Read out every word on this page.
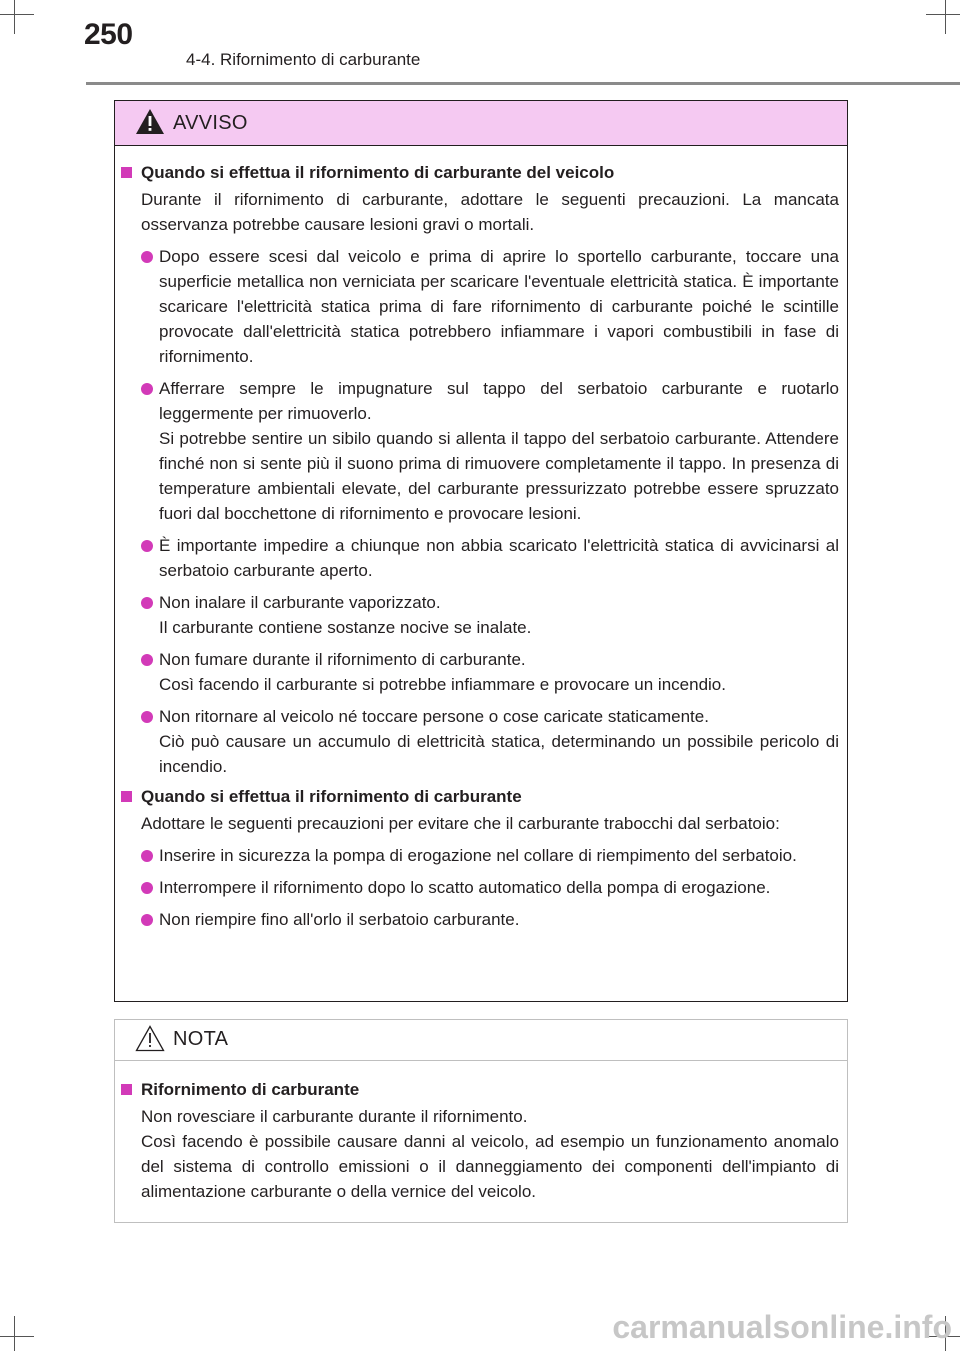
250
4-4. Rifornimento di carburante
AVVISO
Quando si effettua il rifornimento di carburante del veicolo
Durante il rifornimento di carburante, adottare le seguenti precauzioni. La mancata osservanza potrebbe causare lesioni gravi o mortali.
Dopo essere scesi dal veicolo e prima di aprire lo sportello carburante, toccare una superficie metallica non verniciata per scaricare l'eventuale elettricità statica. È importante scaricare l'elettricità statica prima di fare rifornimento di carburante poiché le scintille provocate dall'elettricità statica potrebbero infiammare i vapori combustibili in fase di rifornimento.
Afferrare sempre le impugnature sul tappo del serbatoio carburante e ruotarlo leggermente per rimuoverlo.
Si potrebbe sentire un sibilo quando si allenta il tappo del serbatoio carburante. Attendere finché non si sente più il suono prima di rimuovere completamente il tappo. In presenza di temperature ambientali elevate, del carburante pressurizzato potrebbe essere spruzzato fuori dal bocchettone di rifornimento e provocare lesioni.
È importante impedire a chiunque non abbia scaricato l'elettricità statica di avvicinarsi al serbatoio carburante aperto.
Non inalare il carburante vaporizzato.
Il carburante contiene sostanze nocive se inalate.
Non fumare durante il rifornimento di carburante.
Così facendo il carburante si potrebbe infiammare e provocare un incendio.
Non ritornare al veicolo né toccare persone o cose caricate staticamente.
Ciò può causare un accumulo di elettricità statica, determinando un possibile pericolo di incendio.
Quando si effettua il rifornimento di carburante
Adottare le seguenti precauzioni per evitare che il carburante trabocchi dal serbatoio:
Inserire in sicurezza la pompa di erogazione nel collare di riempimento del serbatoio.
Interrompere il rifornimento dopo lo scatto automatico della pompa di erogazione.
Non riempire fino all'orlo il serbatoio carburante.
NOTA
Rifornimento di carburante
Non rovesciare il carburante durante il rifornimento.
Così facendo è possibile causare danni al veicolo, ad esempio un funzionamento anomalo del sistema di controllo emissioni o il danneggiamento dei componenti dell'impianto di alimentazione carburante o della vernice del veicolo.
carmanualsonline.info
